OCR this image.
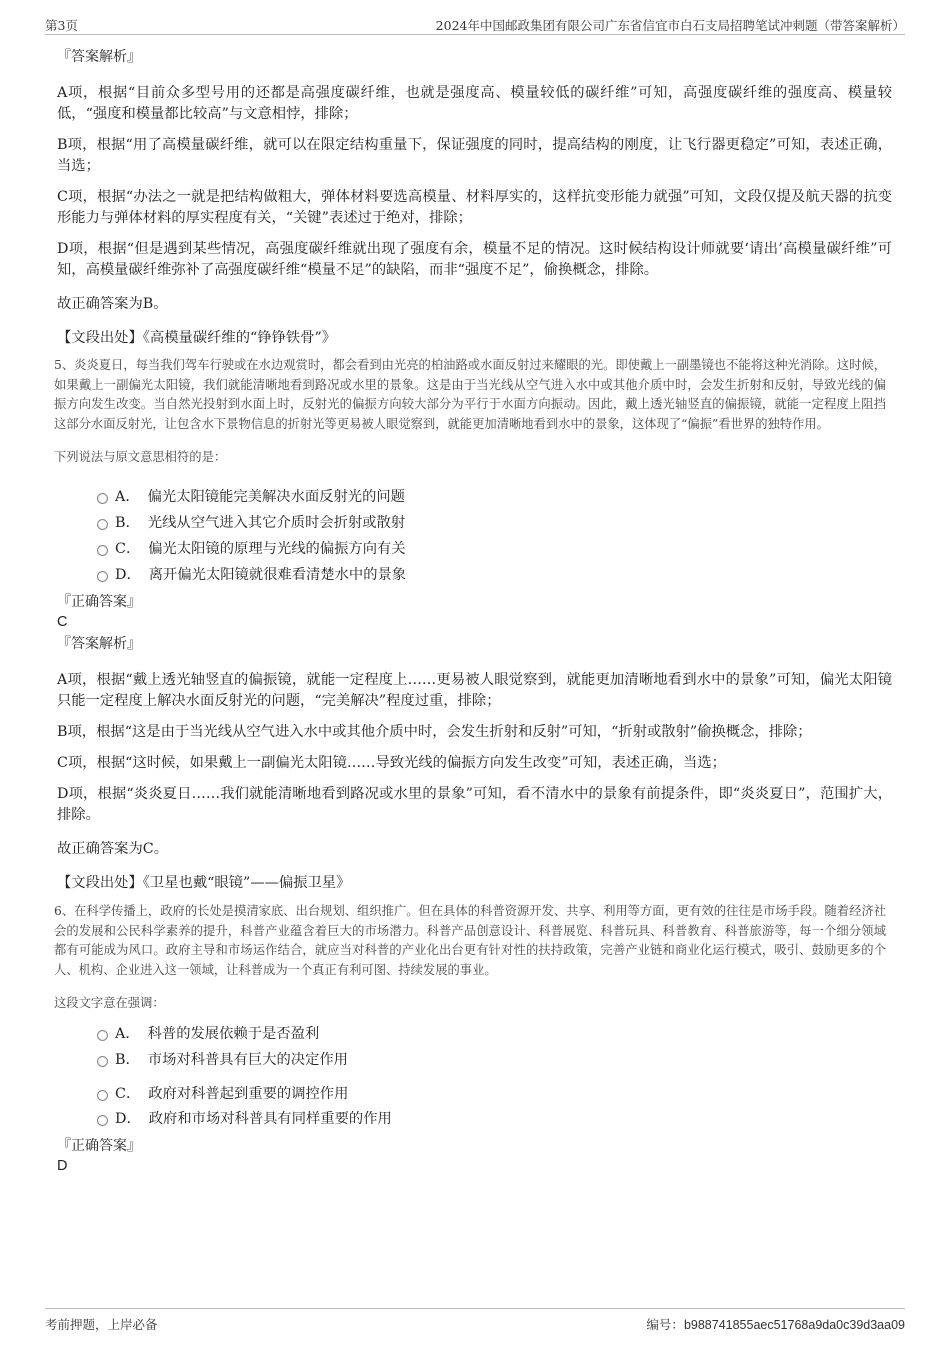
第3页	2024年中国邮政集团有限公司广东省信宜市白石支局招聘笔试冲刺题（带答案解析）

『答案解析』

A项，根据“目前众多型号用的还都是高强度碳纤维，也就是强度高、模量较低的碳纤维”可知，高强度碳纤维的强度高、模量较低，“强度和模量都比较高”与文意相悖，排除；

B项，根据“用了高模量碳纤维，就可以在限定结构重量下，保证强度的同时，提高结构的刚度，让飞行器更稳定”可知，表述正确，当选；

C项，根据“办法之一就是把结构做粗大，弹体材料要选高模量、材料厚实的，这样抗变形能力就强”可知，文段仅提及航天器的抗变形能力与弹体材料的厚实程度有关，“关键”表述过于绝对，排除；

D项，根据“但是遇到某些情况，高强度碳纤维就出现了强度有余，模量不足的情况。这时候结构设计师就要‘请出’高模量碳纤维”可知，高模量碳纤维弥补了高强度碳纤维“模量不足”的缺陷，而非“强度不足”，偷换概念，排除。

故正确答案为B。

【文段出处】《高模量碳纤维的“铮铮铁骨”》

5、炎炎夏日，每当我们驾车行驶或在水边观赏时，都会看到由光亮的柏油路或水面反射过来耀眼的光。即使戴上一副墨镜也不能将这种光消除。这时候，如果戴上一副偏光太阳镜，我们就能清晰地看到路况或水里的景象。这是由于当光线从空气进入水中或其他介质中时，会发生折射和反射，导致光线的偏振方向发生改变。当自然光投射到水面上时，反射光的偏振方向较大部分为平行于水面方向振动。因此，戴上透光轴竖直的偏振镜，就能一定程度上阻挡这部分水面反射光，让包含水下景物信息的折射光等更易被人眼觉察到，就能更加清晰地看到水中的景象，这体现了“偏振”看世界的独特作用。

下列说法与原文意思相符的是：

A． 偏光太阳镜能完美解决水面反射光的问题
B． 光线从空气进入其它介质时会折射或散射
C． 偏光太阳镜的原理与光线的偏振方向有关
D． 离开偏光太阳镜就很难看清楚水中的景象

『正确答案』

C

『答案解析』

A项，根据“戴上透光轴竖直的偏振镜，就能一定程度上……更易被人眼觉察到，就能更加清晰地看到水中的景象”可知，偏光太阳镜只能一定程度上解决水面反射光的问题，“完美解决”程度过重，排除；

B项，根据“这是由于当光线从空气进入水中或其他介质中时，会发生折射和反射”可知，“折射或散射”偷换概念，排除；

C项，根据“这时候，如果戴上一副偏光太阳镜……导致光线的偏振方向发生改变”可知，表述正确，当选；

D项，根据“炎炎夏日……我们就能清晰地看到路况或水里的景象”可知，看不清水中的景象有前提条件，即“炎炎夏日”，范围扩大，排除。

故正确答案为C。

【文段出处】《卫星也戴“眼镜”——偏振卫星》

6、在科学传播上，政府的长处是摸清家底、出台规划、组织推广。但在具体的科普资源开发、共享、利用等方面，更有效的往往是市场手段。随着经济社会的发展和公民科学素养的提升，科普产业蕴含着巨大的市场潜力。科普产品创意设计、科普展览、科普玩具、科普教育、科普旅游等，每一个细分领域都有可能成为风口。政府主导和市场运作结合，就应当对科普的产业化出台更有针对性的扶持政策，完善产业链和商业化运行模式，吸引、鼓励更多的个人、机构、企业进入这一领域，让科普成为一个真正有利可图、持续发展的事业。

这段文字意在强调：

A． 科普的发展依赖于是否盈利
B． 市场对科普具有巨大的决定作用
C． 政府对科普起到重要的调控作用
D． 政府和市场对科普具有同样重要的作用

『正确答案』

D

考前押题，上岸必备	编号：b988741855aec51768a9da0c39d3aa09
